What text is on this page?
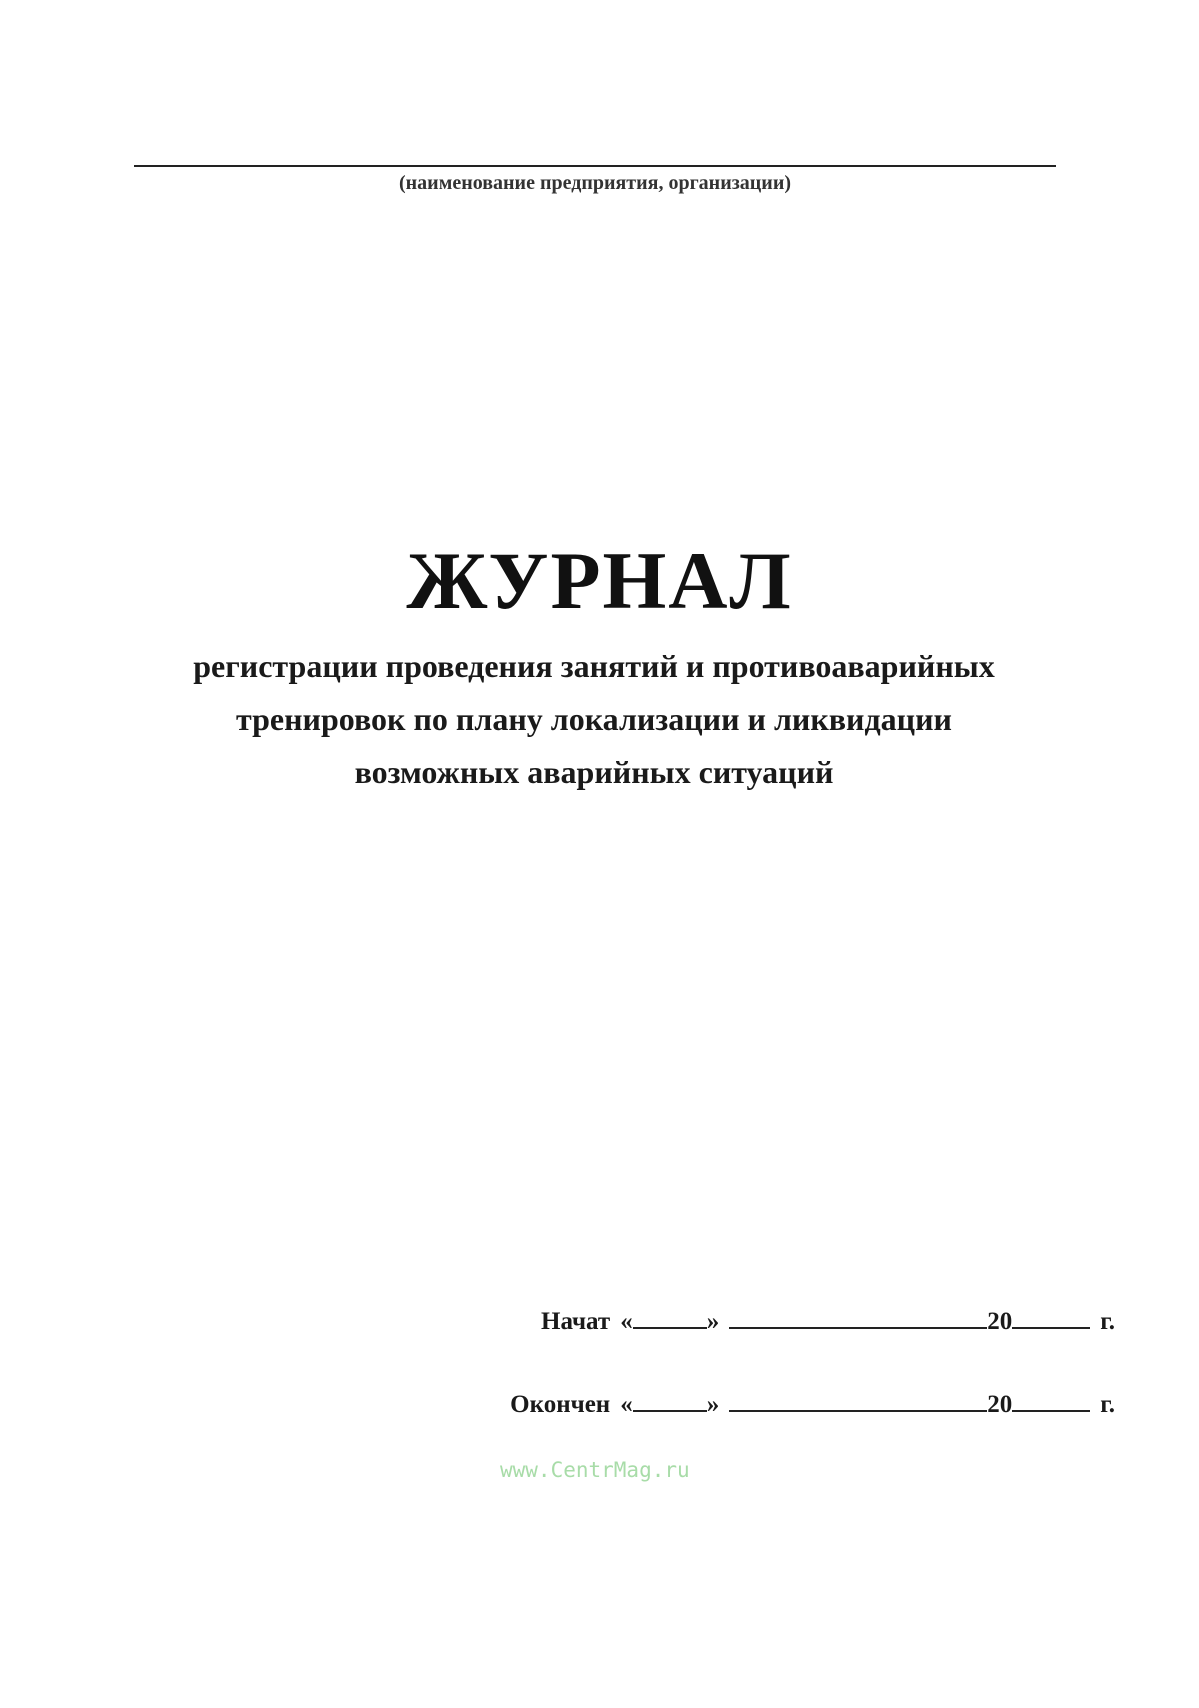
(наименование предприятия, организации)
ЖУРНАЛ
регистрации проведения занятий и противоаварийных
тренировок по плану локализации и ликвидации
возможных аварийных ситуаций
Начат «	»	20	г.
Окончен «	»	20	г.
www.CentrMag.ru
